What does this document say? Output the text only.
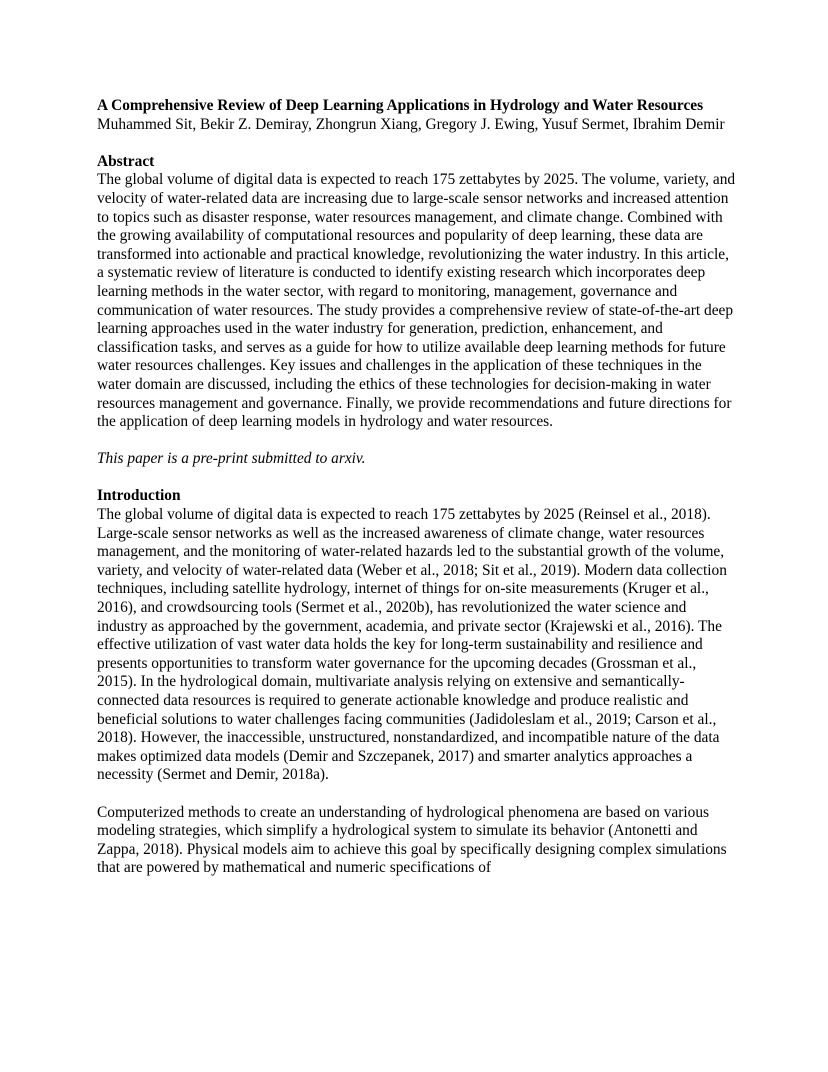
A Comprehensive Review of Deep Learning Applications in Hydrology and Water Resources

Muhammed Sit, Bekir Z. Demiray, Zhongrun Xiang, Gregory J. Ewing, Yusuf Sermet, Ibrahim Demir

Abstract

The global volume of digital data is expected to reach 175 zettabytes by 2025. The volume, variety, and velocity of water-related data are increasing due to large-scale sensor networks and increased attention to topics such as disaster response, water resources management, and climate change. Combined with the growing availability of computational resources and popularity of deep learning, these data are transformed into actionable and practical knowledge, revolutionizing the water industry. In this article, a systematic review of literature is conducted to identify existing research which incorporates deep learning methods in the water sector, with regard to monitoring, management, governance and communication of water resources. The study provides a comprehensive review of state-of-the-art deep learning approaches used in the water industry for generation, prediction, enhancement, and classification tasks, and serves as a guide for how to utilize available deep learning methods for future water resources challenges. Key issues and challenges in the application of these techniques in the water domain are discussed, including the ethics of these technologies for decision-making in water resources management and governance. Finally, we provide recommendations and future directions for the application of deep learning models in hydrology and water resources.

This paper is a pre-print submitted to arxiv.

Introduction

The global volume of digital data is expected to reach 175 zettabytes by 2025 (Reinsel et al., 2018). Large-scale sensor networks as well as the increased awareness of climate change, water resources management, and the monitoring of water-related hazards led to the substantial growth of the volume, variety, and velocity of water-related data (Weber et al., 2018; Sit et al., 2019). Modern data collection techniques, including satellite hydrology, internet of things for on-site measurements (Kruger et al., 2016), and crowdsourcing tools (Sermet et al., 2020b), has revolutionized the water science and industry as approached by the government, academia, and private sector (Krajewski et al., 2016). The effective utilization of vast water data holds the key for long-term sustainability and resilience and presents opportunities to transform water governance for the upcoming decades (Grossman et al., 2015). In the hydrological domain, multivariate analysis relying on extensive and semantically-connected data resources is required to generate actionable knowledge and produce realistic and beneficial solutions to water challenges facing communities (Jadidoleslam et al., 2019; Carson et al., 2018). However, the inaccessible, unstructured, nonstandardized, and incompatible nature of the data makes optimized data models (Demir and Szczepanek, 2017) and smarter analytics approaches a necessity (Sermet and Demir, 2018a).

Computerized methods to create an understanding of hydrological phenomena are based on various modeling strategies, which simplify a hydrological system to simulate its behavior (Antonetti and Zappa, 2018). Physical models aim to achieve this goal by specifically designing complex simulations that are powered by mathematical and numeric specifications of
